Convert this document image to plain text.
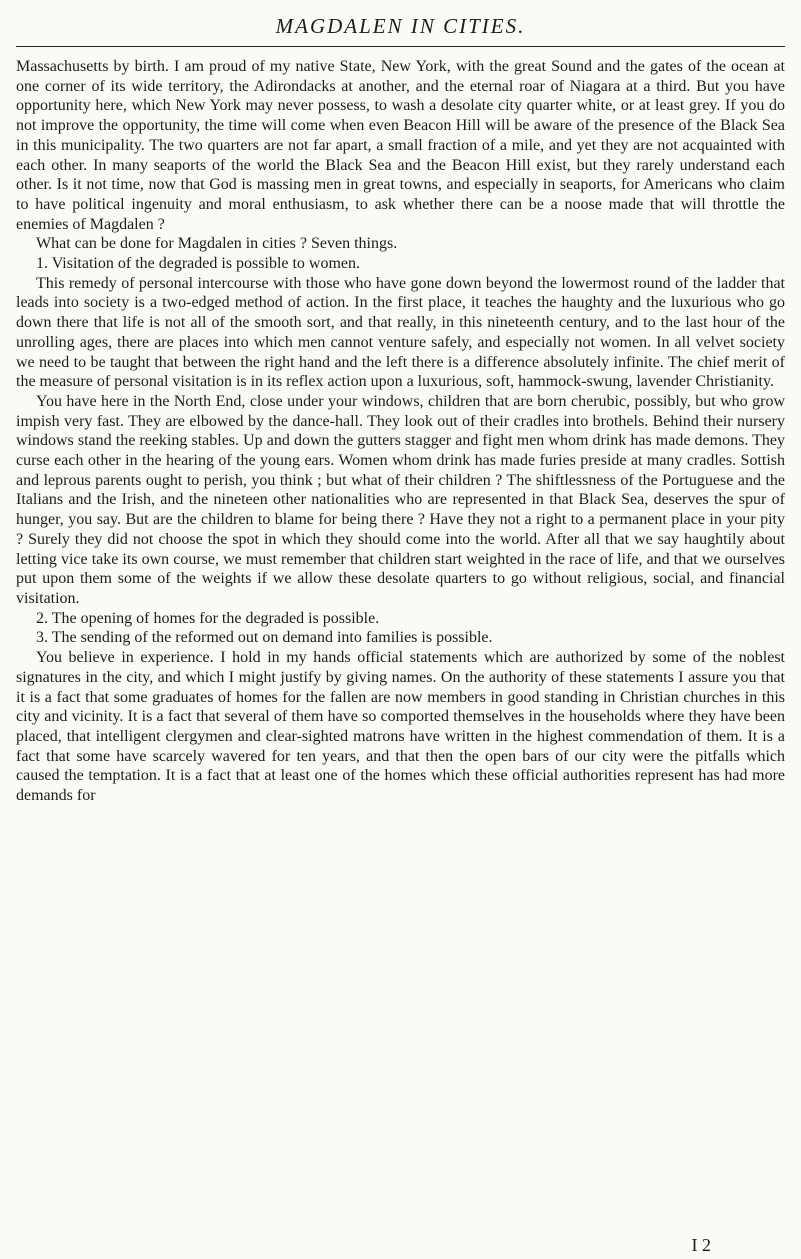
MAGDALEN IN CITIES.

Massachusetts by birth. I am proud of my native State, New York, with the great Sound and the gates of the ocean at one corner of its wide territory, the Adirondacks at another, and the eternal roar of Niagara at a third. But you have opportunity here, which New York may never possess, to wash a desolate city quarter white, or at least grey. If you do not improve the opportunity, the time will come when even Beacon Hill will be aware of the presence of the Black Sea in this municipality. The two quarters are not far apart, a small fraction of a mile, and yet they are not acquainted with each other. In many seaports of the world the Black Sea and the Beacon Hill exist, but they rarely understand each other. Is it not time, now that God is massing men in great towns, and especially in seaports, for Americans who claim to have political ingenuity and moral enthusiasm, to ask whether there can be a noose made that will throttle the enemies of Magdalen ?

What can be done for Magdalen in cities ? Seven things.

1. Visitation of the degraded is possible to women.

This remedy of personal intercourse with those who have gone down beyond the lowermost round of the ladder that leads into society is a two-edged method of action. In the first place, it teaches the haughty and the luxurious who go down there that life is not all of the smooth sort, and that really, in this nineteenth century, and to the last hour of the unrolling ages, there are places into which men cannot venture safely, and especially not women. In all velvet society we need to be taught that between the right hand and the left there is a difference absolutely infinite. The chief merit of the measure of personal visitation is in its reflex action upon a luxurious, soft, hammock-swung, lavender Christianity.

You have here in the North End, close under your windows, children that are born cherubic, possibly, but who grow impish very fast. They are elbowed by the dance-hall. They look out of their cradles into brothels. Behind their nursery windows stand the reeking stables. Up and down the gutters stagger and fight men whom drink has made demons. They curse each other in the hearing of the young ears. Women whom drink has made furies preside at many cradles. Sottish and leprous parents ought to perish, you think ; but what of their children ? The shiftlessness of the Portuguese and the Italians and the Irish, and the nineteen other nationalities who are represented in that Black Sea, deserves the spur of hunger, you say. But are the children to blame for being there ? Have they not a right to a permanent place in your pity ? Surely they did not choose the spot in which they should come into the world. After all that we say haughtily about letting vice take its own course, we must remember that children start weighted in the race of life, and that we ourselves put upon them some of the weights if we allow these desolate quarters to go without religious, social, and financial visitation.

2. The opening of homes for the degraded is possible.

3. The sending of the reformed out on demand into families is possible.

You believe in experience. I hold in my hands official statements which are authorized by some of the noblest signatures in the city, and which I might justify by giving names. On the authority of these statements I assure you that it is a fact that some graduates of homes for the fallen are now members in good standing in Christian churches in this city and vicinity. It is a fact that several of them have so comported themselves in the households where they have been placed, that intelligent clergymen and clear-sighted matrons have written in the highest commendation of them. It is a fact that some have scarcely wavered for ten years, and that then the open bars of our city were the pitfalls which caused the temptation. It is a fact that at least one of the homes which these official authorities represent has had more demands for

I 2
